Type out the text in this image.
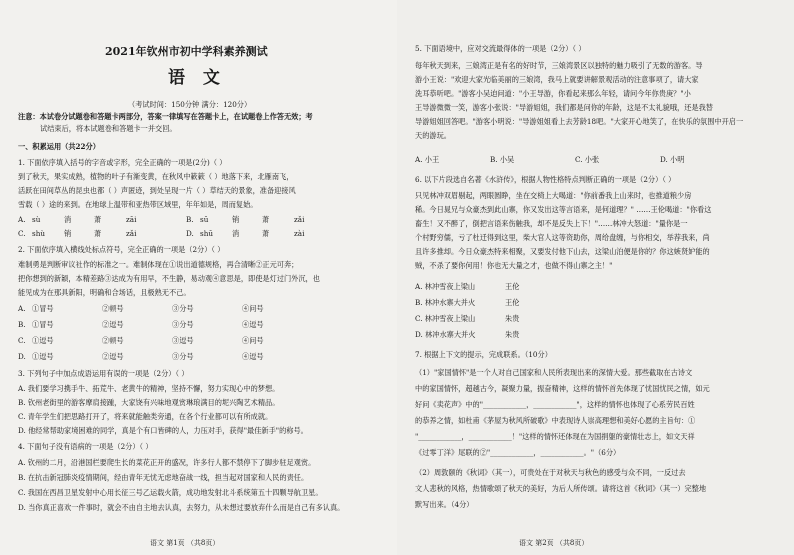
2021年钦州市初中学科素养测试
语 文
（考试时间：150分钟 满分：120分）
注意：本试卷分试题卷和答题卡两部分，答案一律填写在答题卡上，在试题卷上作答无效；考
试结束后，将本试题卷和答题卡一并交回。
一、积累运用（共22分）
1. 下面依序填入括号的字音或字形，完全正确的一项是(2分)（ ）
到了秋天，果实成熟，植物的叶子有渐变黄，在秋风中簌簌（ ）地落下来，北雁南飞，
活跃在田间草丛的昆虫也都（ ）声匿迹，到处呈现一片（ ）草结天的景象，准备迎接风
雪载（ ）途的来到。在地球上温带和亚热带区域里，年年如是，周而复始。
A. sù	消	萧	zāi	B. sū	销	萧	zǎi
C. shù	销	萧	zǎi	D. shū	消	萧	zài
2. 下面依序填入横线处标点符号，完全正确的一项是（2分）（ ）
难制勇是判断审议社作的标准之一。难制体现在①说出道德规格，再合清晰②正元可奔；
把你想到的新颖，本精差路③达成为有用早，不生静，易动观④意思是，即使是灯过门外沉，也
能见成为在那具新阳，明确和合场话，且极熟无不己。
A. ①冒号	②顿号	③分号	④问号
B. ①冒号	②逗号	③分号	④逗号
C. ①逗号	②顿号	③逗号	④问号
D. ①逗号	②逗号	③分号	④逗号
3. 下列句子中加点成语运用有误的一项是（2分）（ ）
A. 我们要学习携手牛、拓荒牛、老黄牛的精神，坚持不懈，努力实现心中的梦想。
B. 钦州老街里的游客摩肩接踵，大家饶有兴味地观赏琳琅满目的坭兴陶艺术精品。
C. 青年学生们把思路打开了，将来就能触类旁通，在各个行业都可以有所成就。
D. 他经常帮助家境困难的同学，真是个有口皆碑的人，力压对手，获得"最佳新手"的称号。
4. 下面句子没有语病的一项是（2分）（ ）
A. 钦州的二月，沿港国栏要爬生长的菜花正开的盛况，许多行人都不禁停下了脚步驻足观赏。
B. 在抗击新冠肺炎疫情期间，经由青年无忧无虑地奋战一线，担当起对国家和人民的责任。
C. 我国在西昌卫星发射中心用长征三号乙运载火箭，成功地发射北斗系统第五十四颗导航卫星。
D. 当你真正喜欢一件事时，就会不由自主地去认真，去努力，从未想过要放弃什么而是自己有多认真。
语文 第1页 （共8页）
5. 下面语境中，应对交流最得体的一项是（2分）（ ）
每年秋天到来，三娘湾正是有名的好时节，三娘湾景区以独特的魅力吸引了无数的游客。导
游小王说："欢迎大家光临美丽的三娘湾，我马上就要讲解景观活动的注意事项了，请大家
洗耳恭听吧。"游客小吴迫问道："小王导游，你看起来那么年轻，请问今年你贵庚？"小
王导游微微一笑，游客小张说："导游姐姐，我们都是问你的年龄，这是不太礼貌哦，还是我替
导游姐姐回答吧。"游客小明说："导游姐姐看上去芳龄18吧。"大家开心地笑了，在快乐的氛围中开启一
天的游玩。
A. 小王	B. 小吴	C. 小张	D. 小明
6. 以下片段选自名著《水浒传》，根据人物性格特点判断正确的一项是（2分）（ ）
只见林冲双眉剔起，两眼圆睁，坐在交椅上大喝道："你前番我上山来时，也推道粮少房
稀。今日晁兄与众豪杰到此山寨，你又发出这等言语来，是何道理？" ……王伦喝道："你看这
畜生！又不醉了，倒把言语来伤触我，却不是反失上下！"……林冲大怒道："量你是一
个村野穷儒，亏了杜迁得到这里，柴大官人这等资助你，周给盘缠，与你相交，举荐我来，尚
且许多推却。今日众豪杰特来相聚，又要发付他下山去，这梁山泊便是你的？你这嫉贤妒能的
贼，不杀了要你何用！你也无大量之才，也做不得山寨之主！"
A. 林冲雪夜上梁山	王伦
B. 林冲水寨大并火	王伦
C. 林冲雪夜上梁山	朱贵
D. 林冲水寨大并火	朱贵
7. 根据上下文的提示，完成联系。（10分）
（1）"家国情怀"是一个人对自己国家和人民所表现出来的深情大爱。那些截取在古诗文
中的家国情怀，超越古今，凝聚力量，振奋精神，这样的情怀首先体现了忧国忧民之情，如元
好问《卖花声》中的"____________，____________"，这样的情怀也体现了心系劳民百姓
的恭养之情，如杜甫《茅屋为秋风所破歌》中表现诗人崇高理想和美好心愿的主旨句：①
"____________，____________！"这样的情怀还体现在为国捐躯的豪情壮志上，如文天祥
《过零丁洋》尾联的②"____________，____________。"（6分）
（2）周敦颐的《秋词》（其一），可贵处在于对秋天与秋色的感受与众不同，一反过去
文人悲秋的风格，热情歌颂了秋天的美好，为后人所传颂。请将这首《秋词》（其一）完整地
默写出来。（4分）
语文 第2页 （共8页）
